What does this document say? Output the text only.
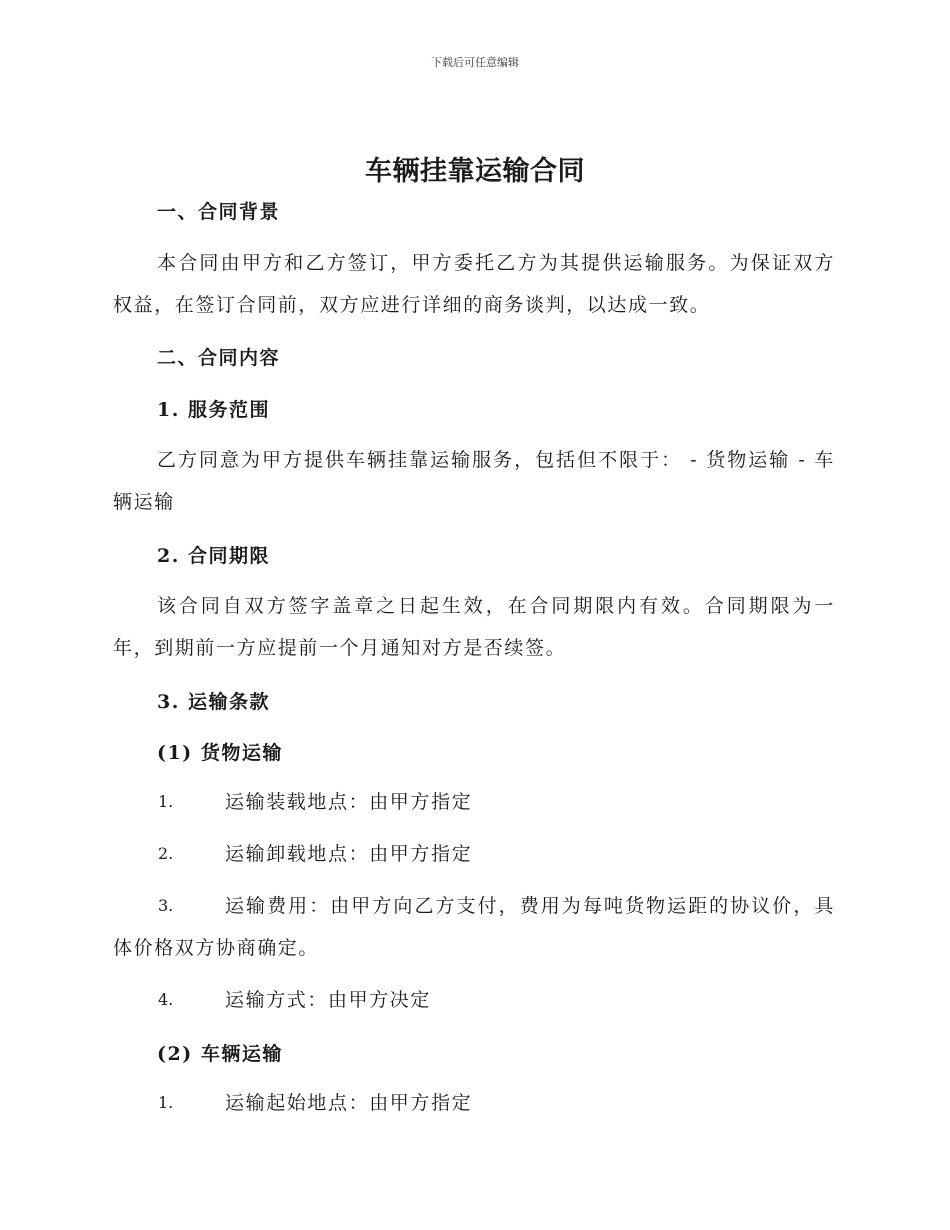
下载后可任意编辑
车辆挂靠运输合同
一、合同背景
本合同由甲方和乙方签订，甲方委托乙方为其提供运输服务。为保证双方权益，在签订合同前，双方应进行详细的商务谈判，以达成一致。
二、合同内容
1. 服务范围
乙方同意为甲方提供车辆挂靠运输服务，包括但不限于： - 货物运输 - 车辆运输
2. 合同期限
该合同自双方签字盖章之日起生效，在合同期限内有效。合同期限为一年，到期前一方应提前一个月通知对方是否续签。
3. 运输条款
(1) 货物运输
1.	运输装载地点：由甲方指定
2.	运输卸载地点：由甲方指定
3.	运输费用：由甲方向乙方支付，费用为每吨货物运距的协议价，具体价格双方协商确定。
4.	运输方式：由甲方决定
(2) 车辆运输
1.	运输起始地点：由甲方指定
